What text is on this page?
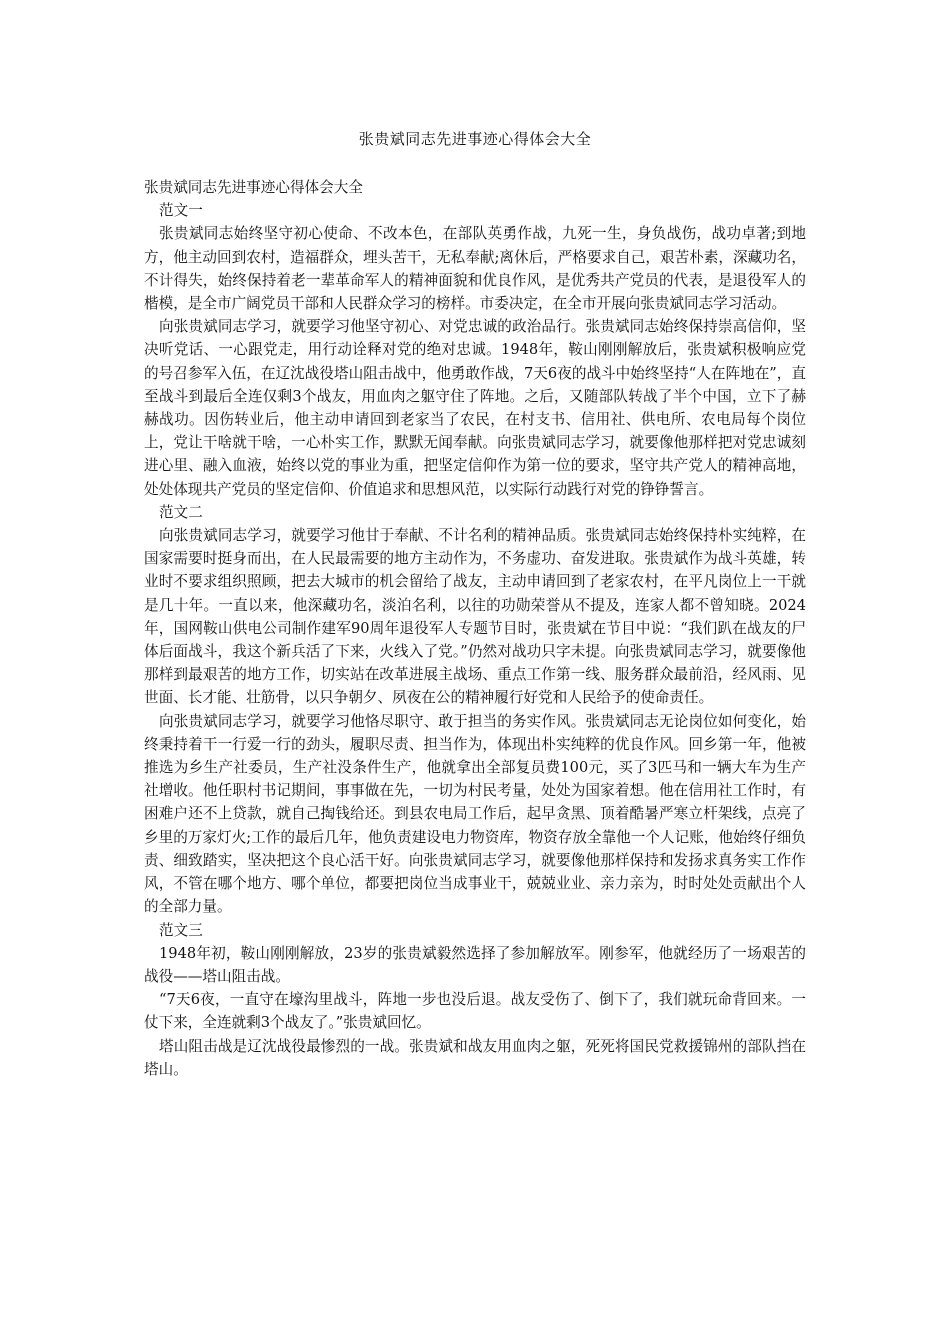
张贵斌同志先进事迹心得体会大全

张贵斌同志先进事迹心得体会大全

范文一

张贵斌同志始终坚守初心使命、不改本色，在部队英勇作战，九死一生，身负战伤，战功卓著;到地方，他主动回到农村，造福群众，埋头苦干，无私奉献;离休后，严格要求自己，艰苦朴素，深藏功名，不计得失，始终保持着老一辈革命军人的精神面貌和优良作风，是优秀共产党员的代表，是退役军人的楷模，是全市广阔党员干部和人民群众学习的榜样。市委决定，在全市开展向张贵斌同志学习活动。

向张贵斌同志学习，就要学习他坚守初心、对党忠诚的政治品行。张贵斌同志始终保持崇高信仰，坚决听党话、一心跟党走，用行动诠释对党的绝对忠诚。1948年，鞍山刚刚解放后，张贵斌积极响应党的号召参军入伍，在辽沈战役塔山阻击战中，他勇敢作战，7天6夜的战斗中始终坚持“人在阵地在”，直至战斗到最后全连仅剩3个战友，用血肉之躯守住了阵地。之后，又随部队转战了半个中国，立下了赫赫战功。因伤转业后，他主动申请回到老家当了农民，在村支书、信用社、供电所、农电局每个岗位上，党让干啥就干啥，一心朴实工作，默默无闻奉献。向张贵斌同志学习，就要像他那样把对党忠诚刻进心里、融入血液，始终以党的事业为重，把坚定信仰作为第一位的要求，坚守共产党人的精神高地，处处体现共产党员的坚定信仰、价值追求和思想风范，以实际行动践行对党的铮铮誓言。

范文二

向张贵斌同志学习，就要学习他甘于奉献、不计名利的精神品质。张贵斌同志始终保持朴实纯粹，在国家需要时挺身而出，在人民最需要的地方主动作为，不务虚功、奋发进取。张贵斌作为战斗英雄，转业时不要求组织照顾，把去大城市的机会留给了战友，主动申请回到了老家农村，在平凡岗位上一干就是几十年。一直以来，他深藏功名，淡泊名利，以往的功勋荣誉从不提及，连家人都不曾知晓。2024年，国网鞍山供电公司制作建军90周年退役军人专题节目时，张贵斌在节目中说：“我们趴在战友的尸体后面战斗，我这个新兵活了下来，火线入了党。”仍然对战功只字未提。向张贵斌同志学习，就要像他那样到最艰苦的地方工作，切实站在改革进展主战场、重点工作第一线、服务群众最前沿，经风雨、见世面、长才能、壮筋骨，以只争朝夕、夙夜在公的精神履行好党和人民给予的使命责任。

向张贵斌同志学习，就要学习他恪尽职守、敢于担当的务实作风。张贵斌同志无论岗位如何变化，始终秉持着干一行爱一行的劲头，履职尽责、担当作为，体现出朴实纯粹的优良作风。回乡第一年，他被推选为乡生产社委员，生产社没条件生产，他就拿出全部复员费100元，买了3匹马和一辆大车为生产社增收。他任职村书记期间，事事做在先，一切为村民考量，处处为国家着想。他在信用社工作时，有困难户还不上贷款，就自己掏钱给还。到县农电局工作后，起早贪黑、顶着酷暑严寒立杆架线，点亮了乡里的万家灯火;工作的最后几年，他负责建设电力物资库，物资存放全靠他一个人记账，他始终仔细负责、细致踏实，坚决把这个良心活干好。向张贵斌同志学习，就要像他那样保持和发扬求真务实工作作风，不管在哪个地方、哪个单位，都要把岗位当成事业干，兢兢业业、亲力亲为，时时处处贡献出个人的全部力量。

范文三

1948年初，鞍山刚刚解放，23岁的张贵斌毅然选择了参加解放军。刚参军，他就经历了一场艰苦的战役——塔山阻击战。

“7天6夜，一直守在壕沟里战斗，阵地一步也没后退。战友受伤了、倒下了，我们就玩命背回来。一仗下来，全连就剩3个战友了。”张贵斌回忆。

塔山阻击战是辽沈战役最惨烈的一战。张贵斌和战友用血肉之躯，死死将国民党救援锦州的部队挡在塔山。
